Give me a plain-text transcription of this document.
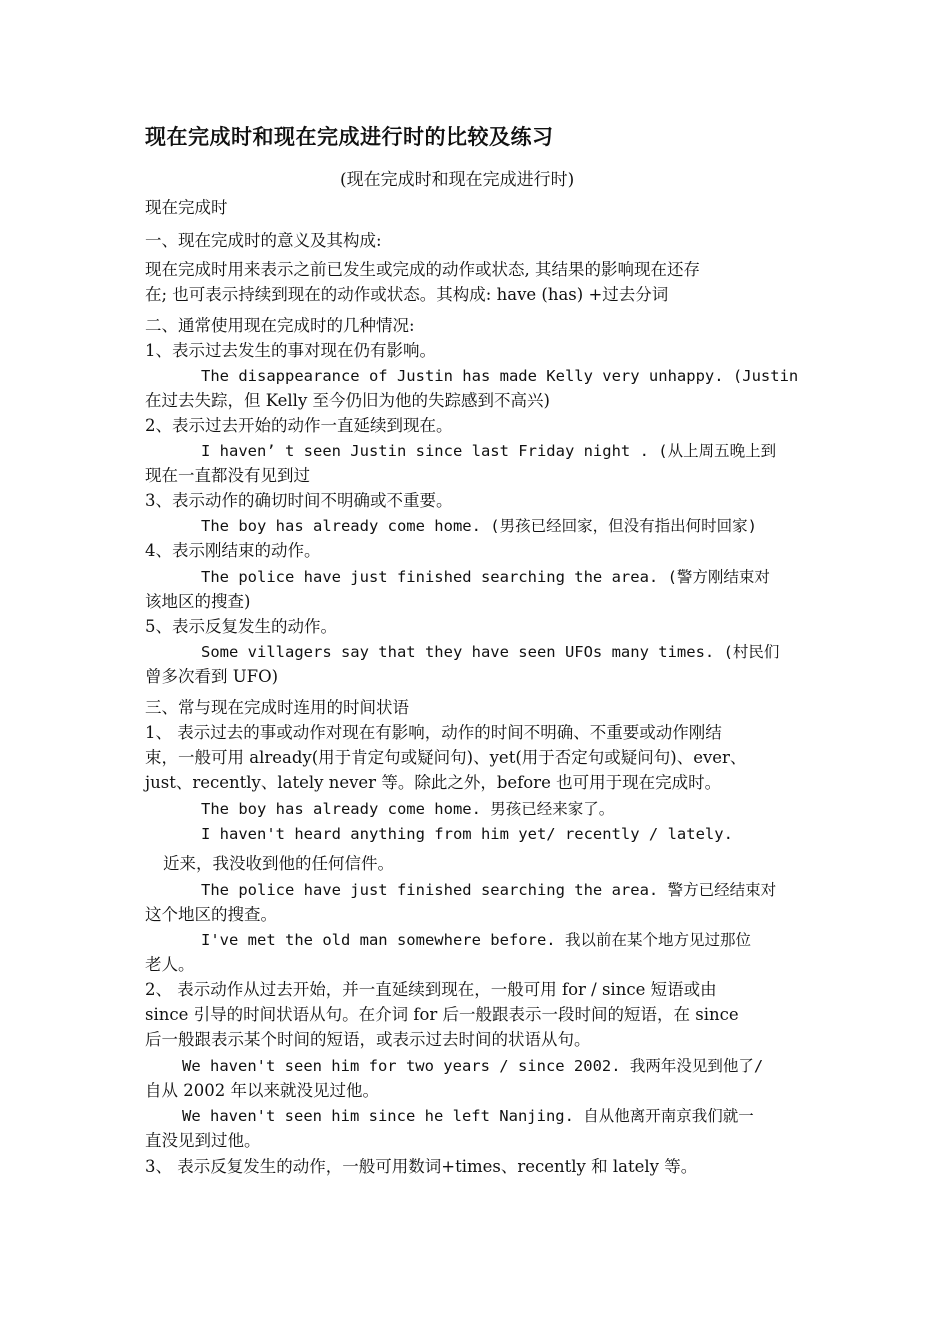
现在完成时和现在完成进行时的比较及练习
(现在完成时和现在完成进行时)
现在完成时
一、现在完成时的意义及其构成:
现在完成时用来表示之前已发生或完成的动作或状态, 其结果的影响现在还存
在; 也可表示持续到现在的动作或状态。其构成: have (has) +过去分词
二、通常使用现在完成时的几种情况:
1、表示过去发生的事对现在仍有影响。
The disappearance of Justin has made Kelly very unhappy. (Justin
在过去失踪，但 Kelly 至今仍旧为他的失踪感到不高兴)
2、表示过去开始的动作一直延续到现在。
I haven’ t seen Justin since last Friday night . (从上周五晚上到
现在一直都没有见到过
3、表示动作的确切时间不明确或不重要。
The boy has already come home. (男孩已经回家，但没有指出何时回家)
4、表示刚结束的动作。
The police have just finished searching the area. (警方刚结束对
该地区的搜查)
5、表示反复发生的动作。
Some villagers say that they have seen UFOs many times. (村民们
曾多次看到 UFO)
三、常与现在完成时连用的时间状语
1、 表示过去的事或动作对现在有影响，动作的时间不明确、不重要或动作刚结
束，一般可用 already(用于肯定句或疑问句)、yet(用于否定句或疑问句)、ever、
just、recently、lately never 等。除此之外，before 也可用于现在完成时。
The boy has already come home. 男孩已经来家了。
I haven't heard anything from him yet/ recently / lately.
近来，我没收到他的任何信件。
The police have just finished searching the area. 警方已经结束对
这个地区的搜查。
I've met the old man somewhere before. 我以前在某个地方见过那位
老人。
2、 表示动作从过去开始，并一直延续到现在，一般可用 for / since 短语或由
since 引导的时间状语从句。在介词 for 后一般跟表示一段时间的短语，在 since
后一般跟表示某个时间的短语，或表示过去时间的状语从句。
We haven't seen him for two years / since 2002. 我两年没见到他了/
自从 2002 年以来就没见过他。
We haven't seen him since he left Nanjing. 自从他离开南京我们就一
直没见到过他。
3、 表示反复发生的动作，一般可用数词+times、recently 和 lately 等。
